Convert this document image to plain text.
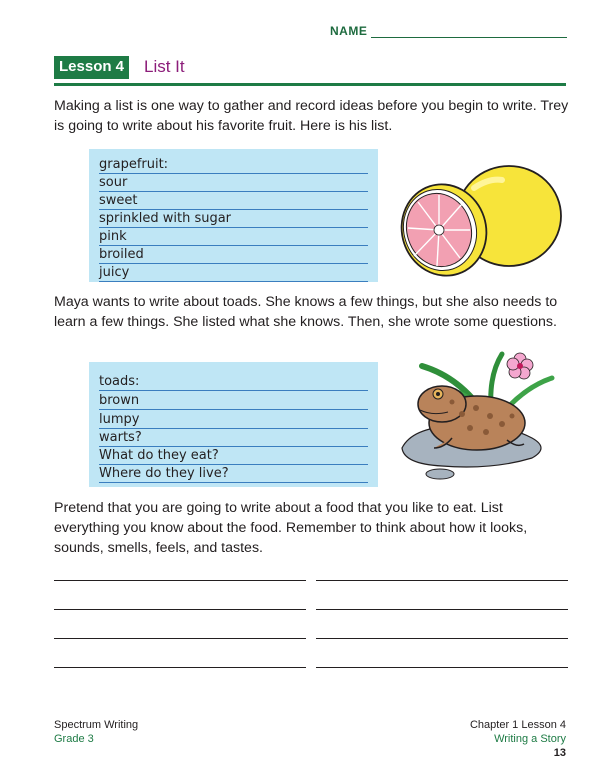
NAME
Lesson 4 List It

Making a list is one way to gather and record ideas before you begin to write. Trey is going to write about his favorite fruit. Here is his list.

grapefruit:
sour
sweet
sprinkled with sugar
pink
broiled
juicy

Maya wants to write about toads. She knows a few things, but she also needs to learn a few things. She listed what she knows. Then, she wrote some questions.

toads:
brown
lumpy
warts?
What do they eat?
Where do they live?

Pretend that you are going to write about a food that you like to eat. List everything you know about the food. Remember to think about how it looks, sounds, smells, feels, and tastes.

Spectrum Writing
Grade 3
Chapter 1 Lesson 4
Writing a Story
13
